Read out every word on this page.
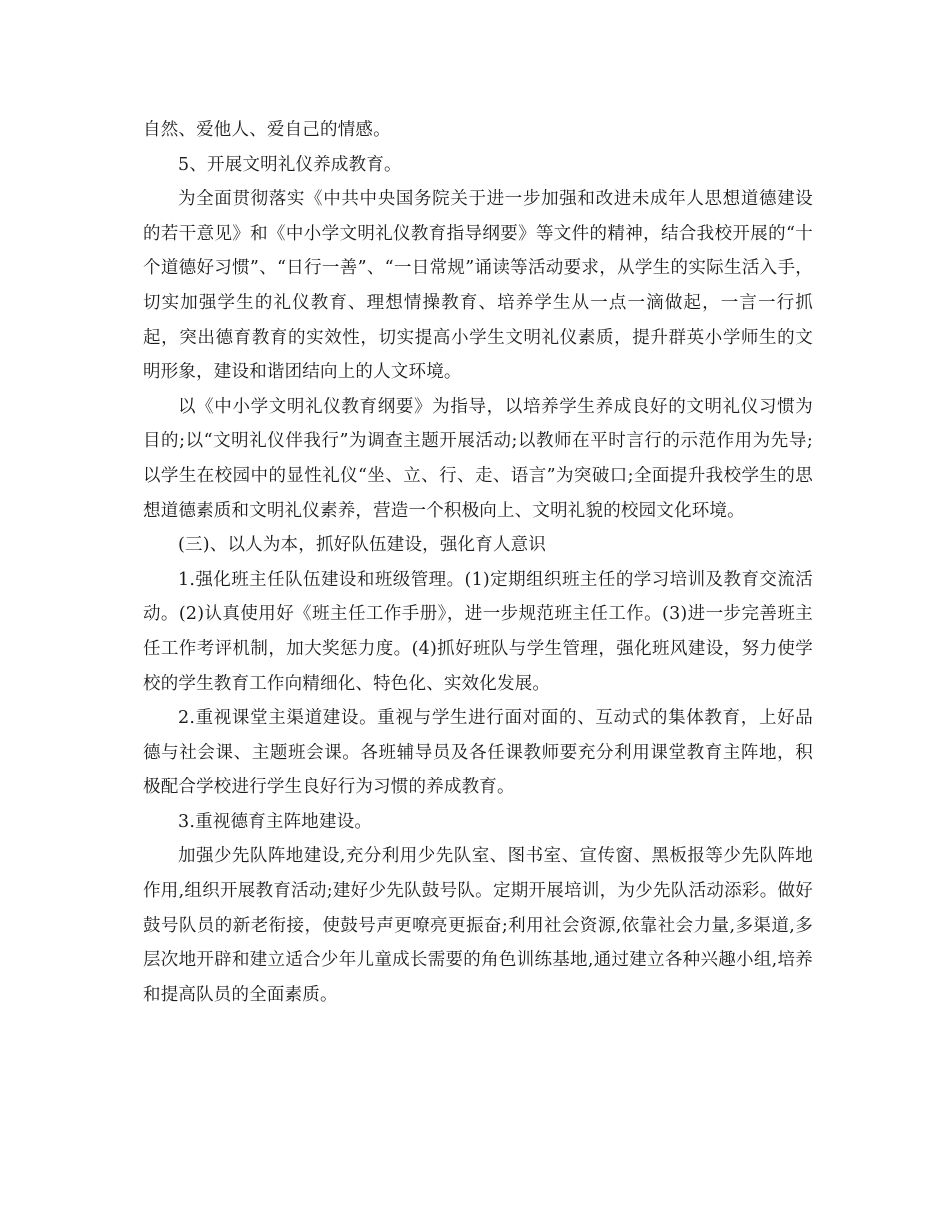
自然、爱他人、爱自己的情感。

5、开展文明礼仪养成教育。

为全面贯彻落实《中共中央国务院关于进一步加强和改进未成年人思想道德建设的若干意见》和《中小学文明礼仪教育指导纲要》等文件的精神，结合我校开展的“十个道德好习惯”、“日行一善”、“一日常规”诵读等活动要求，从学生的实际生活入手，切实加强学生的礼仪教育、理想情操教育、培养学生从一点一滴做起，一言一行抓起，突出德育教育的实效性，切实提高小学生文明礼仪素质，提升群英小学师生的文明形象，建设和谐团结向上的人文环境。

以《中小学文明礼仪教育纲要》为指导，以培养学生养成良好的文明礼仪习惯为目的;以“文明礼仪伴我行”为调查主题开展活动;以教师在平时言行的示范作用为先导;以学生在校园中的显性礼仪“坐、立、行、走、语言”为突破口;全面提升我校学生的思想道德素质和文明礼仪素养，营造一个积极向上、文明礼貌的校园文化环境。

(三)、以人为本，抓好队伍建设，强化育人意识

1.强化班主任队伍建设和班级管理。(1)定期组织班主任的学习培训及教育交流活动。(2)认真使用好《班主任工作手册》，进一步规范班主任工作。(3)进一步完善班主任工作考评机制，加大奖惩力度。(4)抓好班队与学生管理，强化班风建设，努力使学校的学生教育工作向精细化、特色化、实效化发展。

2.重视课堂主渠道建设。重视与学生进行面对面的、互动式的集体教育，上好品德与社会课、主题班会课。各班辅导员及各任课教师要充分利用课堂教育主阵地，积极配合学校进行学生良好行为习惯的养成教育。

3.重视德育主阵地建设。

加强少先队阵地建设,充分利用少先队室、图书室、宣传窗、黑板报等少先队阵地作用,组织开展教育活动;建好少先队鼓号队。定期开展培训，为少先队活动添彩。做好鼓号队员的新老衔接，使鼓号声更嘹亮更振奋;利用社会资源,依靠社会力量,多渠道,多层次地开辟和建立适合少年儿童成长需要的角色训练基地,通过建立各种兴趣小组,培养和提高队员的全面素质。
